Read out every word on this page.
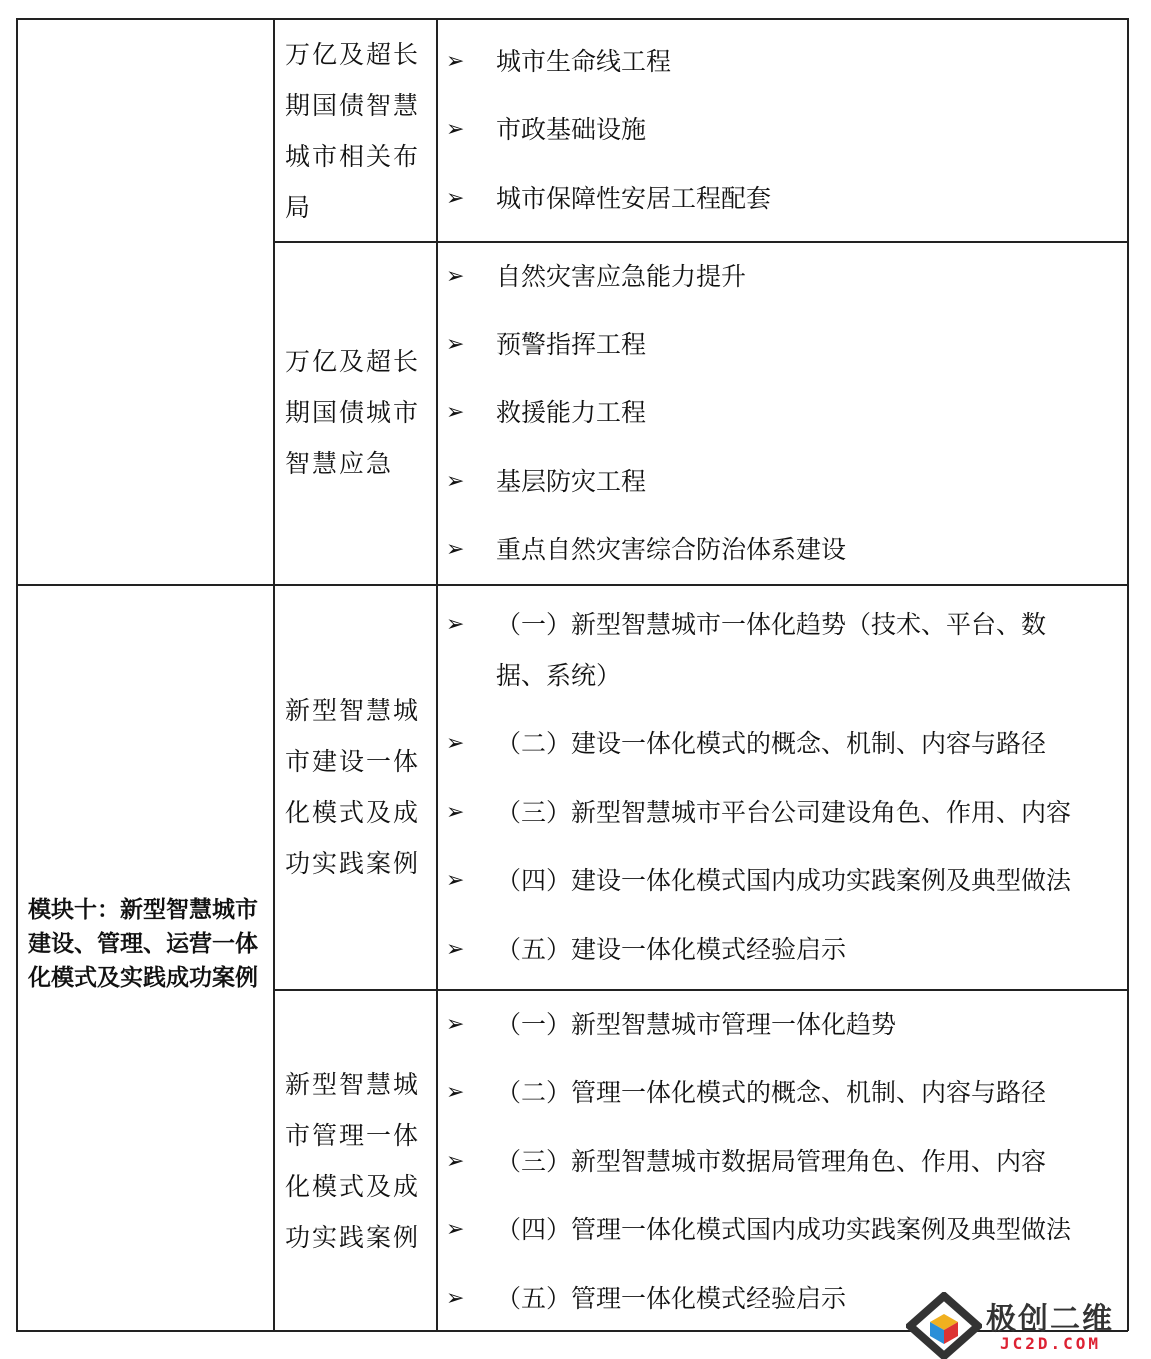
模块十：新型智慧城市建设、管理、运营一体化模式及实践成功案例
万亿及超长期国债智慧城市相关布局
万亿及超长期国债城市智慧应急
新型智慧城市建设一体化模式及成功实践案例
新型智慧城市管理一体化模式及成功实践案例
➢ 城市生命线工程
➢ 市政基础设施
➢ 城市保障性安居工程配套
➢ 自然灾害应急能力提升
➢ 预警指挥工程
➢ 救援能力工程
➢ 基层防灾工程
➢ 重点自然灾害综合防治体系建设
➢ （一）新型智慧城市一体化趋势（技术、平台、数据、系统）
➢ （二）建设一体化模式的概念、机制、内容与路径
➢ （三）新型智慧城市平台公司建设角色、作用、内容
➢ （四）建设一体化模式国内成功实践案例及典型做法
➢ （五）建设一体化模式经验启示
➢ （一）新型智慧城市管理一体化趋势
➢ （二）管理一体化模式的概念、机制、内容与路径
➢ （三）新型智慧城市数据局管理角色、作用、内容
➢ （四）管理一体化模式国内成功实践案例及典型做法
➢ （五）管理一体化模式经验启示
极创二维
JC2D.COM
